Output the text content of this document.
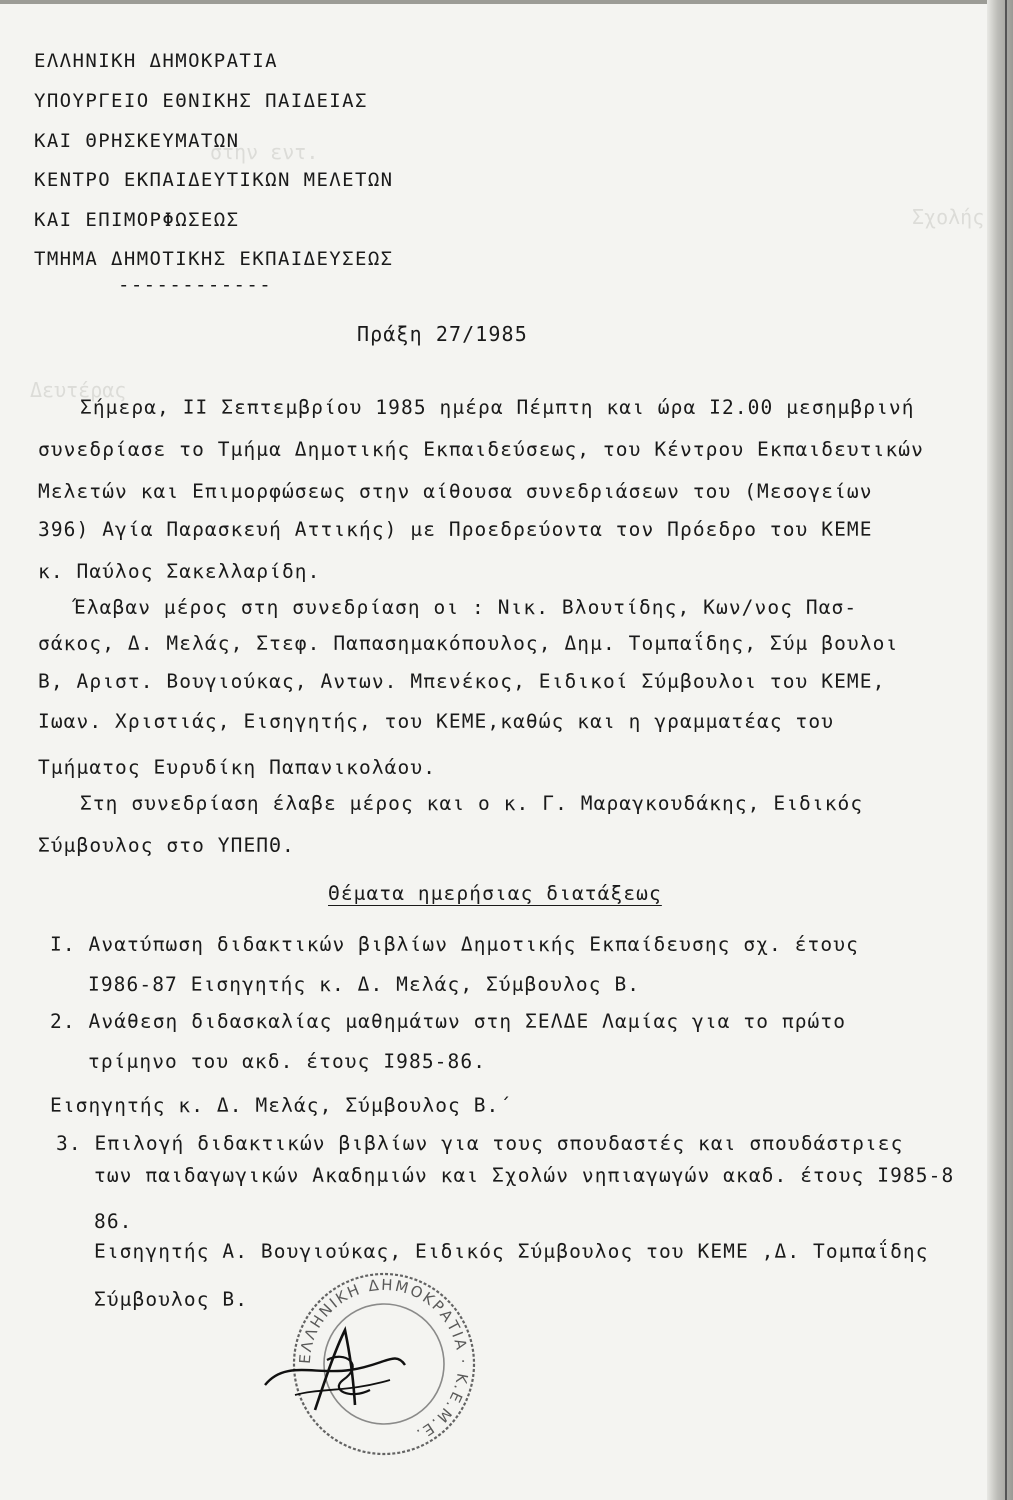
Σχολής
στην εντ.
Δευτέρας
ΕΛΛΗΝΙΚΗ ΔΗΜΟΚΡΑΤΙΑ
ΥΠΟΥΡΓΕΙΟ ΕΘΝΙΚΗΣ ΠΑΙΔΕΙΑΣ
ΚΑΙ ΘΡΗΣΚΕΥΜΑΤΩΝ
ΚΕΝΤΡΟ ΕΚΠΑΙΔΕΥΤΙΚΩΝ ΜΕΛΕΤΩΝ
ΚΑΙ ΕΠΙΜΟΡΦΩΣΕΩΣ
ΤΜΗΜΑ ΔΗΜΟΤΙΚΗΣ ΕΚΠΑΙΔΕΥΣΕΩΣ
------------
Πράξη 27/1985
Σήμερα, ΙΙ Σεπτεμβρίου 1985 ημέρα Πέμπτη και ώρα Ι2.00 μεσημβρινή
συνεδρίασε το Τμήμα Δημοτικής Εκπαιδεύσεως, του Κέντρου Εκπαιδευτικών
Μελετών και Επιμορφώσεως στην αίθουσα συνεδριάσεων του (Μεσογείων
396) Αγία Παρασκευή Αττικής) με Προεδρεύοντα τον Πρόεδρο του ΚΕΜΕ
κ. Παύλος Σακελλαρίδη.
Έλαβαν μέρος στη συνεδρίαση οι : Νικ. Βλουτίδης, Κων/νος Πασ-
σάκος, Δ. Μελάς, Στεφ. Παπασημακόπουλος, Δημ. Τομπαΐδης, Σύμ βουλοι
Β, Αριστ. Βουγιούκας, Αντων. Μπενέκος, Ειδικοί Σύμβουλοι του ΚΕΜΕ,
Ιωαν. Χριστιάς, Εισηγητής, του ΚΕΜΕ,καθώς και η γραμματέας του
Τμήματος Ευρυδίκη Παπανικολάου.
Στη συνεδρίαση έλαβε μέρος και ο κ. Γ. Μαραγκουδάκης, Ειδικός
Σύμβουλος στο ΥΠΕΠΘ.
Θέματα ημερήσιας διατάξεως
Ι. Ανατύπωση διδακτικών βιβλίων Δημοτικής Εκπαίδευσης σχ. έτους
Ι986-87 Εισηγητής κ. Δ. Μελάς, Σύμβουλος Β.
2. Ανάθεση διδασκαλίας μαθημάτων στη ΣΕΛΔΕ Λαμίας για το πρώτο
τρίμηνο του ακδ. έτους Ι985-86.
Εισηγητής κ. Δ. Μελάς, Σύμβουλος Β.΄
3. Επιλογή διδακτικών βιβλίων για τους σπουδαστές και σπουδάστριες
των παιδαγωγικών Ακαδημιών και Σχολών νηπιαγωγών ακαδ. έτους Ι985-8
86.
Εισηγητής Α. Βουγιούκας, Ειδικός Σύμβουλος του ΚΕΜΕ ,Δ. Τομπαΐδης
Σύμβουλος Β.
ΕΛΛΗΝΙΚΗ ΔΗΜΟΚΡΑΤΙΑ · Κ.Ε.Μ.Ε.
